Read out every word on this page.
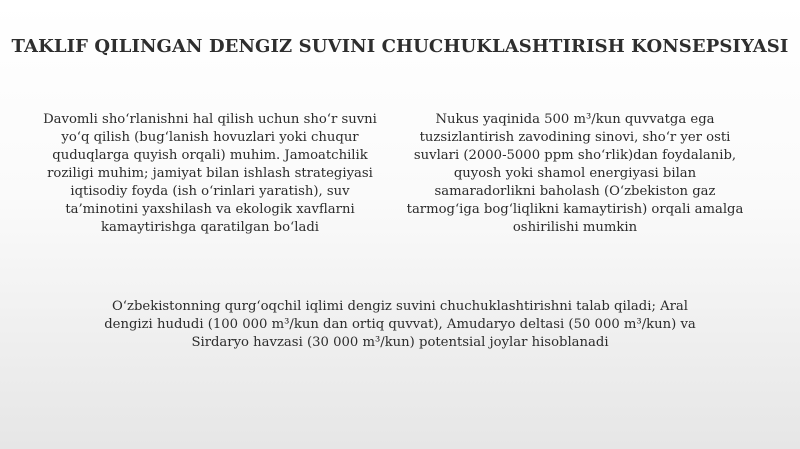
TAKLIF QILINGAN DENGIZ SUVINI CHUCHUKLASHTIRISH KONSEPSIYASI
Davomli sho‘rlanishni hal qilish uchun sho‘r suvni yo‘q qilish (bug‘lanish hovuzlari yoki chuqur quduqlarga quyish orqali) muhim. Jamoatchilik roziligi muhim; jamiyat bilan ishlash strategiyasi iqtisodiy foyda (ish o‘rinlari yaratish), suv ta’minotini yaxshilash va ekologik xavflarni kamaytirishga qaratilgan bo‘ladi
Nukus yaqinida 500 m³/kun quvvatga ega tuzsizlantirish zavodining sinovi, sho‘r yer osti suvlari (2000-5000 ppm sho‘rlik)dan foydalanib, quyosh yoki shamol energiyasi bilan samaradorlikni baholash (O‘zbekiston gaz tarmog‘iga bog‘liqlikni kamaytirish) orqali amalga oshirilishi mumkin
O‘zbekistonning qurg‘oqchil iqlimi dengiz suvini chuchuklashtirishni talab qiladi; Aral dengizi hududi (100 000 m³/kun dan ortiq quvvat), Amudaryo deltasi (50 000 m³/kun) va Sirdaryo havzasi (30 000 m³/kun) potentsial joylar hisoblanadi
